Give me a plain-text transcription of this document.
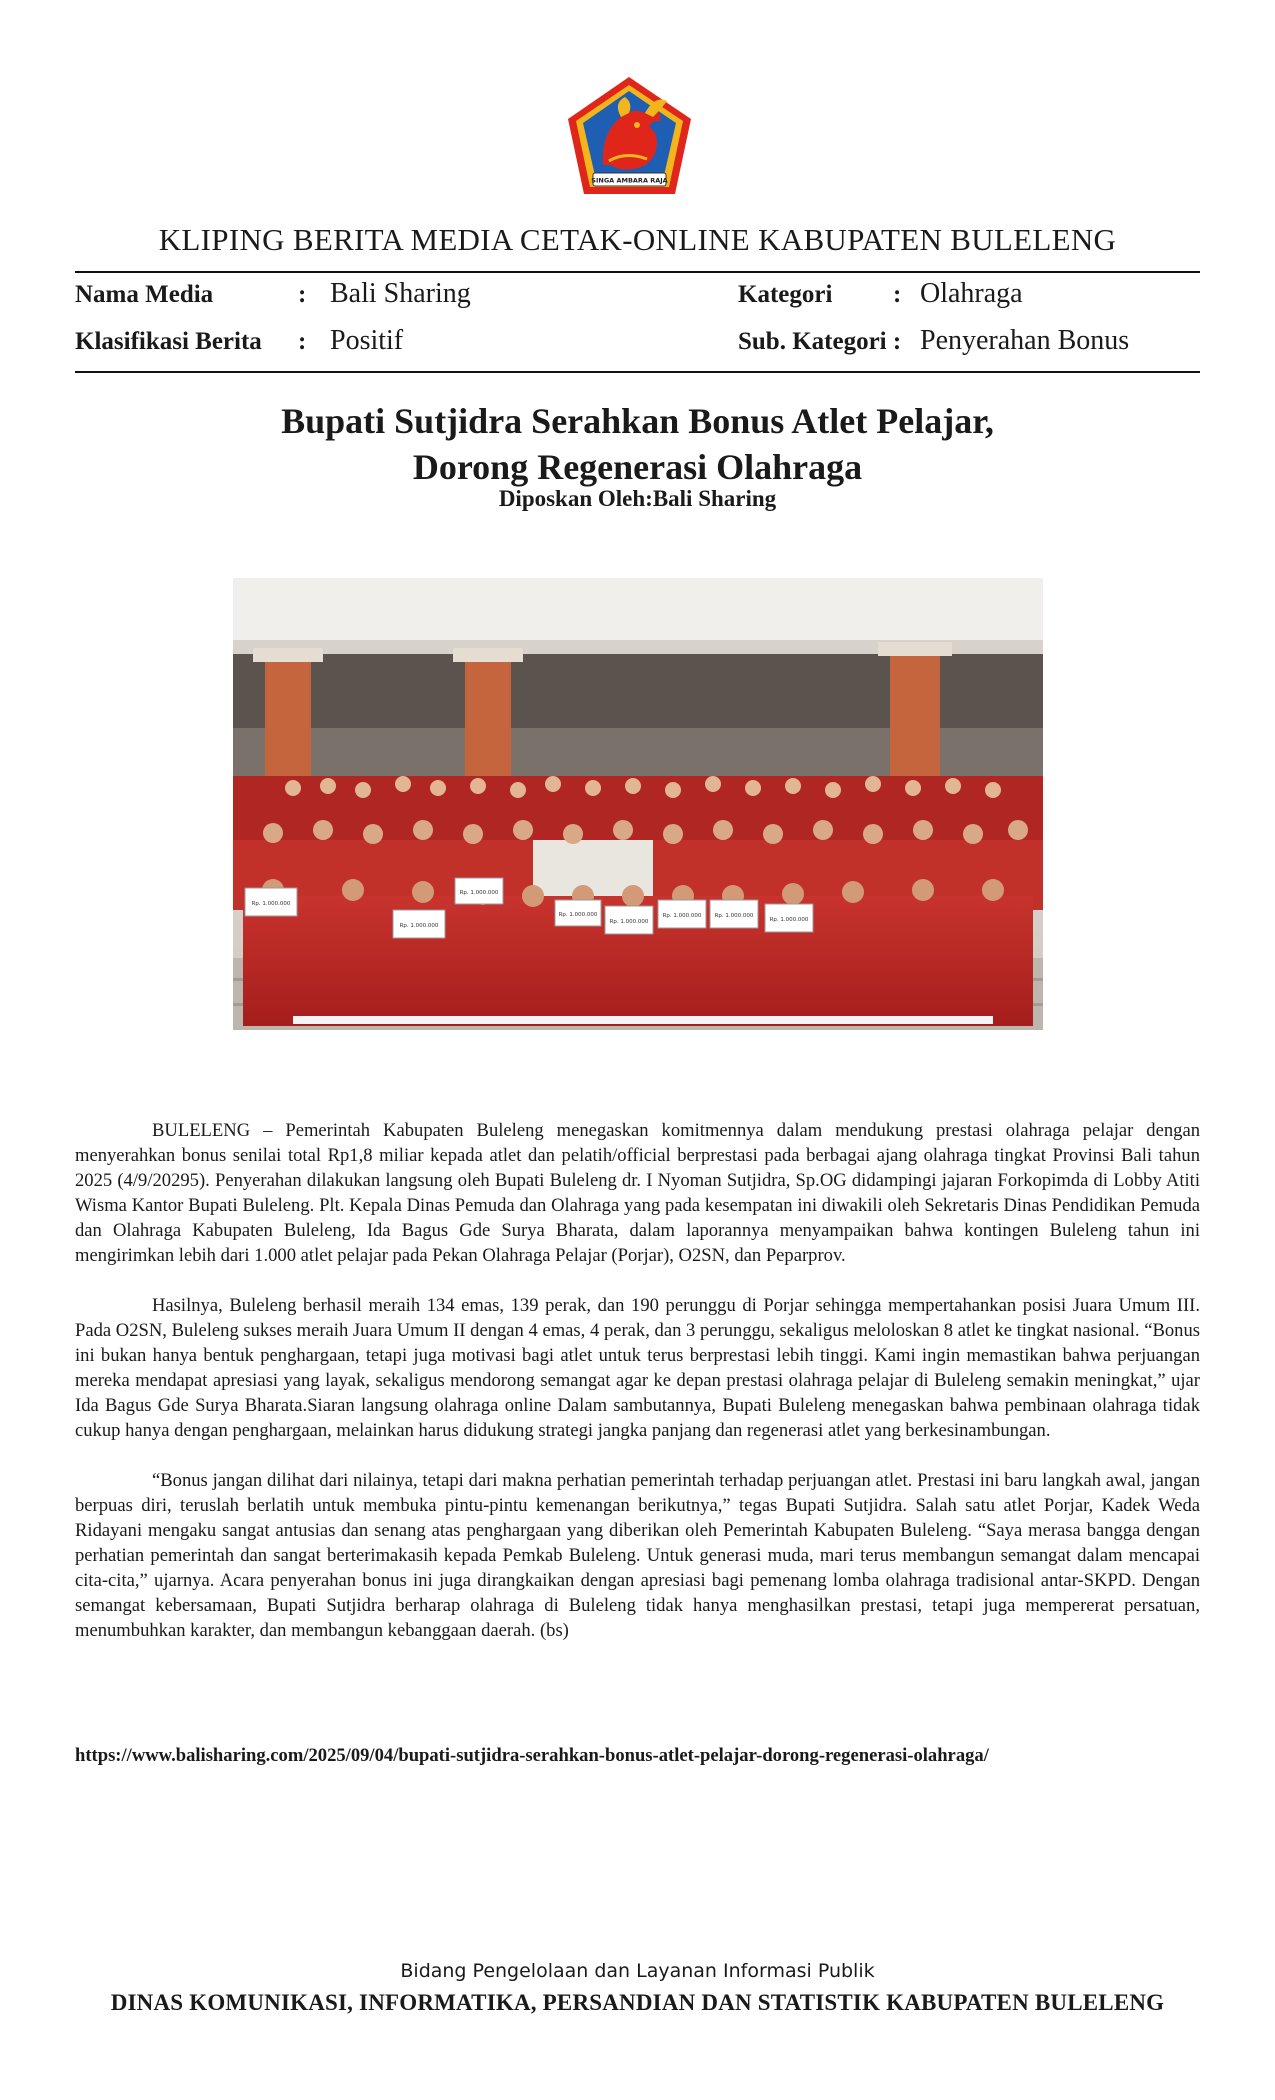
SINGA AMBARA RAJA
KLIPING BERITA MEDIA CETAK-ONLINE KABUPATEN BULELENG
Nama Media	: Bali Sharing	Kategori : Olahraga
Klasifikasi Berita : Positif	Sub. Kategori : Penyerahan Bonus
Bupati Sutjidra Serahkan Bonus Atlet Pelajar,
Dorong Regenerasi Olahraga
Diposkan Oleh:Bali Sharing
Rp. 1.000.000
Rp. 1.000.000
Rp. 1.000.000
Rp. 1.000.000
Rp. 1.000.000
Rp. 1.000.000 Rp. 1.000.000
Rp. 1.000.000

BULELENG – Pemerintah Kabupaten Buleleng menegaskan komitmennya dalam mendukung prestasi olahraga pelajar dengan menyerahkan bonus senilai total Rp1,8 miliar kepada atlet dan pelatih/official berprestasi pada berbagai ajang olahraga tingkat Provinsi Bali tahun 2025 (4/9/20295). Penyerahan dilakukan langsung oleh Bupati Buleleng dr. I Nyoman Sutjidra, Sp.OG didampingi jajaran Forkopimda di Lobby Atiti Wisma Kantor Bupati Buleleng. Plt. Kepala Dinas Pemuda dan Olahraga yang pada kesempatan ini diwakili oleh Sekretaris Dinas Pendidikan Pemuda dan Olahraga Kabupaten Buleleng, Ida Bagus Gde Surya Bharata, dalam laporannya menyampaikan bahwa kontingen Buleleng tahun ini mengirimkan lebih dari 1.000 atlet pelajar pada Pekan Olahraga Pelajar (Porjar), O2SN, dan Peparprov.

Hasilnya, Buleleng berhasil meraih 134 emas, 139 perak, dan 190 perunggu di Porjar sehingga mempertahankan posisi Juara Umum III. Pada O2SN, Buleleng sukses meraih Juara Umum II dengan 4 emas, 4 perak, dan 3 perunggu, sekaligus meloloskan 8 atlet ke tingkat nasional. “Bonus ini bukan hanya bentuk penghargaan, tetapi juga motivasi bagi atlet untuk terus berprestasi lebih tinggi. Kami ingin memastikan bahwa perjuangan mereka mendapat apresiasi yang layak, sekaligus mendorong semangat agar ke depan prestasi olahraga pelajar di Buleleng semakin meningkat,” ujar Ida Bagus Gde Surya Bharata.Siaran langsung olahraga online Dalam sambutannya, Bupati Buleleng menegaskan bahwa pembinaan olahraga tidak cukup hanya dengan penghargaan, melainkan harus didukung strategi jangka panjang dan regenerasi atlet yang berkesinambungan.

“Bonus jangan dilihat dari nilainya, tetapi dari makna perhatian pemerintah terhadap perjuangan atlet. Prestasi ini baru langkah awal, jangan berpuas diri, teruslah berlatih untuk membuka pintu-pintu kemenangan berikutnya,” tegas Bupati Sutjidra. Salah satu atlet Porjar, Kadek Weda Ridayani mengaku sangat antusias dan senang atas penghargaan yang diberikan oleh Pemerintah Kabupaten Buleleng. “Saya merasa bangga dengan perhatian pemerintah dan sangat berterimakasih kepada Pemkab Buleleng. Untuk generasi muda, mari terus membangun semangat dalam mencapai cita-cita,” ujarnya. Acara penyerahan bonus ini juga dirangkaikan dengan apresiasi bagi pemenang lomba olahraga tradisional antar-SKPD. Dengan semangat kebersamaan, Bupati Sutjidra berharap olahraga di Buleleng tidak hanya menghasilkan prestasi, tetapi juga mempererat persatuan, menumbuhkan karakter, dan membangun kebanggaan daerah. (bs)

https://www.balisharing.com/2025/09/04/bupati-sutjidra-serahkan-bonus-atlet-pelajar-dorong-regenerasi-olahraga/
Bidang Pengelolaan dan Layanan Informasi Publik
DINAS KOMUNIKASI, INFORMATIKA, PERSANDIAN DAN STATISTIK KABUPATEN BULELENG
